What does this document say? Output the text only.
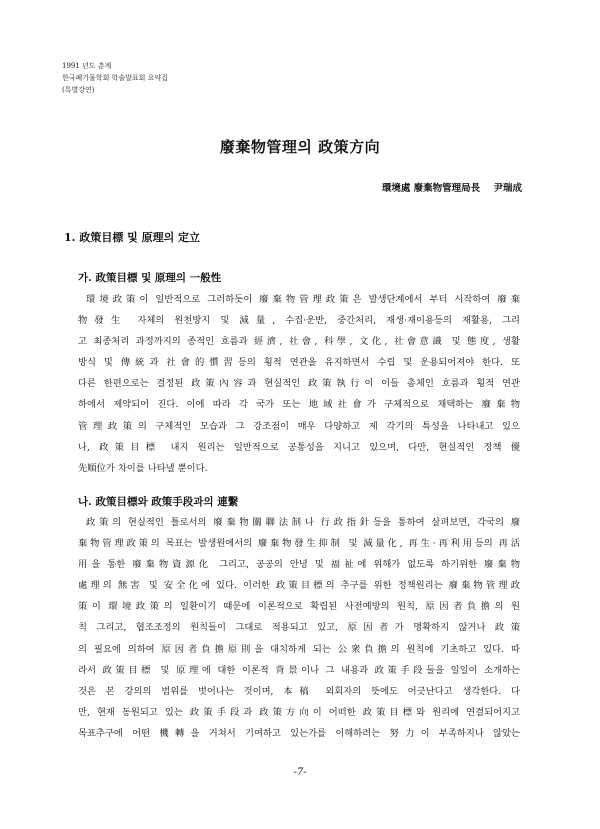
1991 년도 춘계
한국폐기물학회 학술발표회 요약집
(특별강연)
廢棄物管理의 政策方向
環境處 廢棄物管理局長 尹瑞成
1. 政策目標 및 原理의 定立
가. 政策目標 및 原理의 一般性
環境政策이 일반적으로 그러하듯이 廢棄物管理政策은 발생단계에서 부터 시작하여 廢棄
物發生 자체의 원천방지 및 減量, 수집·운반, 중간처리, 재생·재이용등의 재활용, 그리
고 최종처리 과정까지의 종적인 흐름과 經濟, 社會, 科學, 文化, 社會意識 및 態度, 생활
방식 및 傳統과 社會的慣習등의 횡적 연관을 유지하면서 수립 및 운용되어져야 한다. 또
다른 한편으로는 결정된 政策內容과 현실적인 政策執行이 이들 총체인 흐름과 횡적 연관
하에서 제약되어 진다. 이에 따라 각 국가 또는 地域社會가 구체적으로 채택하는 廢棄物
管理政策의 구체적인 모습과 그 강조점이 매우 다양하고 제 각기의 특성을 나타내고 있으
나, 政策目標 내지 원리는 일반적으로 공통성을 지니고 있으며, 다만, 현실적인 정책 優
先順位가 차이를 나타낼 뿐이다.
나. 政策目標와 政策手段과의 連繫
政策의 현실적인 틀로서의 廢棄物關聯法制나 行政指針등을 통하여 살펴보면, 각국의 廢
棄物管理政策의 목표는 발생원에서의 廢棄物發生抑制 및 減量化, 再生·再利用등의 再活
用을 통한 廢棄物資源化 그리고, 공공의 안녕 및 福祉에 위해가 없도록 하기위한 廢棄物
處理의 無害 및 安全化에 있다. 이러한 政策目標의 추구를 위한 정책원리는 廢棄物管理政
策이 環境政策의 일환이기 때문에 이론적으로 확립된 사전예방의 원칙, 原因者負擔의 원
칙 그리고, 협조조정의 원칙들이 그대로 적용되고 있고, 原因者가 명확하지 않거나 政策
의 필요에 의하여 原因者負擔原則을 대치하게 되는 公衆負擔의 원칙에 기초하고 있다. 따
라서 政策目標 및 原理에 대한 이론적 背景이나 그 내용과 政策手段들을 일일이 소개하는
것은 본 강의의 범위를 벗어나는 것이며, 本稿 외회자의 뜻에도 어긋난다고 생각한다. 다
만, 현재 동원되고 있는 政策手段과 政策方向이 어떠한 政策目標와 원리에 연결되어지고
목표추구에 어떤 機轉을 거쳐서 기여하고 있는가를 이해하려는 努力이 부족하지나 않았는
-7-
